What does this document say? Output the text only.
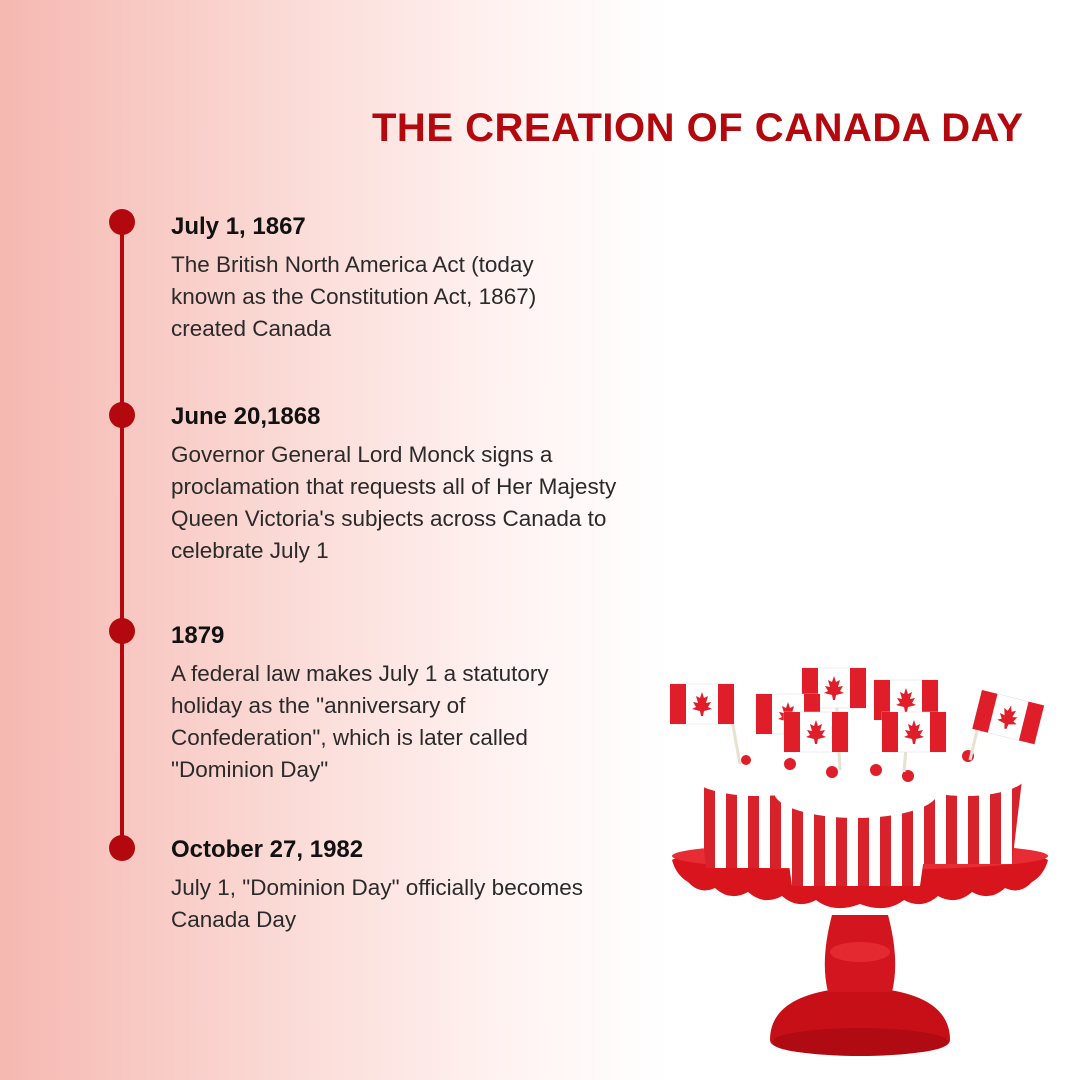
THE CREATION OF CANADA DAY

July 1, 1867

The British North America Act (today known as the Constitution Act, 1867) created Canada

June 20,1868

Governor General Lord Monck signs a proclamation that requests all of Her Majesty Queen Victoria's subjects across Canada to celebrate July 1

1879

A federal law makes July 1 a statutory holiday as the "anniversary of Confederation", which is later called "Dominion Day"

October 27, 1982

July 1, "Dominion Day" officially becomes Canada Day
